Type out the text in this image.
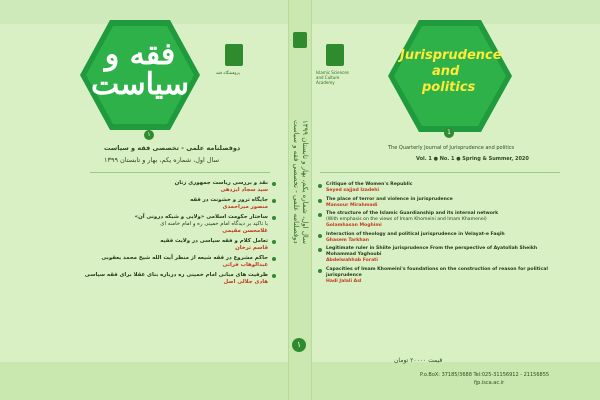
فقه و سیاست	پژوهشگاه فقه
۱
دوفصلنامه علمی - تخصصی فقه و سیاست
سال اول، شماره یکم، بهار و تابستان ۱۳۹۹
نقد و بررسی ریاست جمهوری زنان
سید سجاد ایزدهی
جایگاه ترور و خشونت در فقه
منصور میراحمدی
ساختار حکومت اسلامی «ولایی و شبکه درونی آن»
با تاکید بر دیدگاه امام خمینی ره و امام خامنه ای
غلامحسن مقیمی
تعامل کلام و فقه سیاسی در ولایت فقیه
قاسم ترخان
حاکم مشروع در فقه شیعه از منظر آیت الله شیخ محمد یعقوبی
عبدالوهاب فراتی
ظرفیت های مبانی امام خمینی ره درباره بنای عقلا برای فقه سیاسی
هادی جلالی اصل
دوفصلنامه علمی - تخصصی فقه و سیاست سال اول، شماره یکم، بهار و تابستان ۱۳۹۹
۱
Islamic Sciences and Culture Academy
Jurisprudence
and
politics
1
The Quarterly Journal of Jurisprudence and politics
Vol. 1 ● No. 1 ● Spring & Summer, 2020
Critique of the Women's Republic
Seyed sajjad Izadehi
The place of terror and violence in jurisprudence
Mansour Mirahmadi
The structure of the Islamic Guardianship and its internal network
(With emphasis on the views of Imam Khomeini and Imam Khamenei)
Golamhasan Moghimi
Interaction of theology and political jurisprudence in Velayat-e Faqih
Ghasem Tarkhan
Legitimate ruler in Shiite jurisprudence From the perspective of Ayatollah Sheikh Mohammad Yaghoubi
Abdelwahhab Forati
Capacities of Imam Khomeini's foundations on the construction of reason for political jurisprudence
Hadi Jalali Asl
قیمت ۲۰۰۰۰ تومان
P.o.BoX: 37185/3688 Tel:025-31156912 - 21156855
fjp.isca.ac.ir
